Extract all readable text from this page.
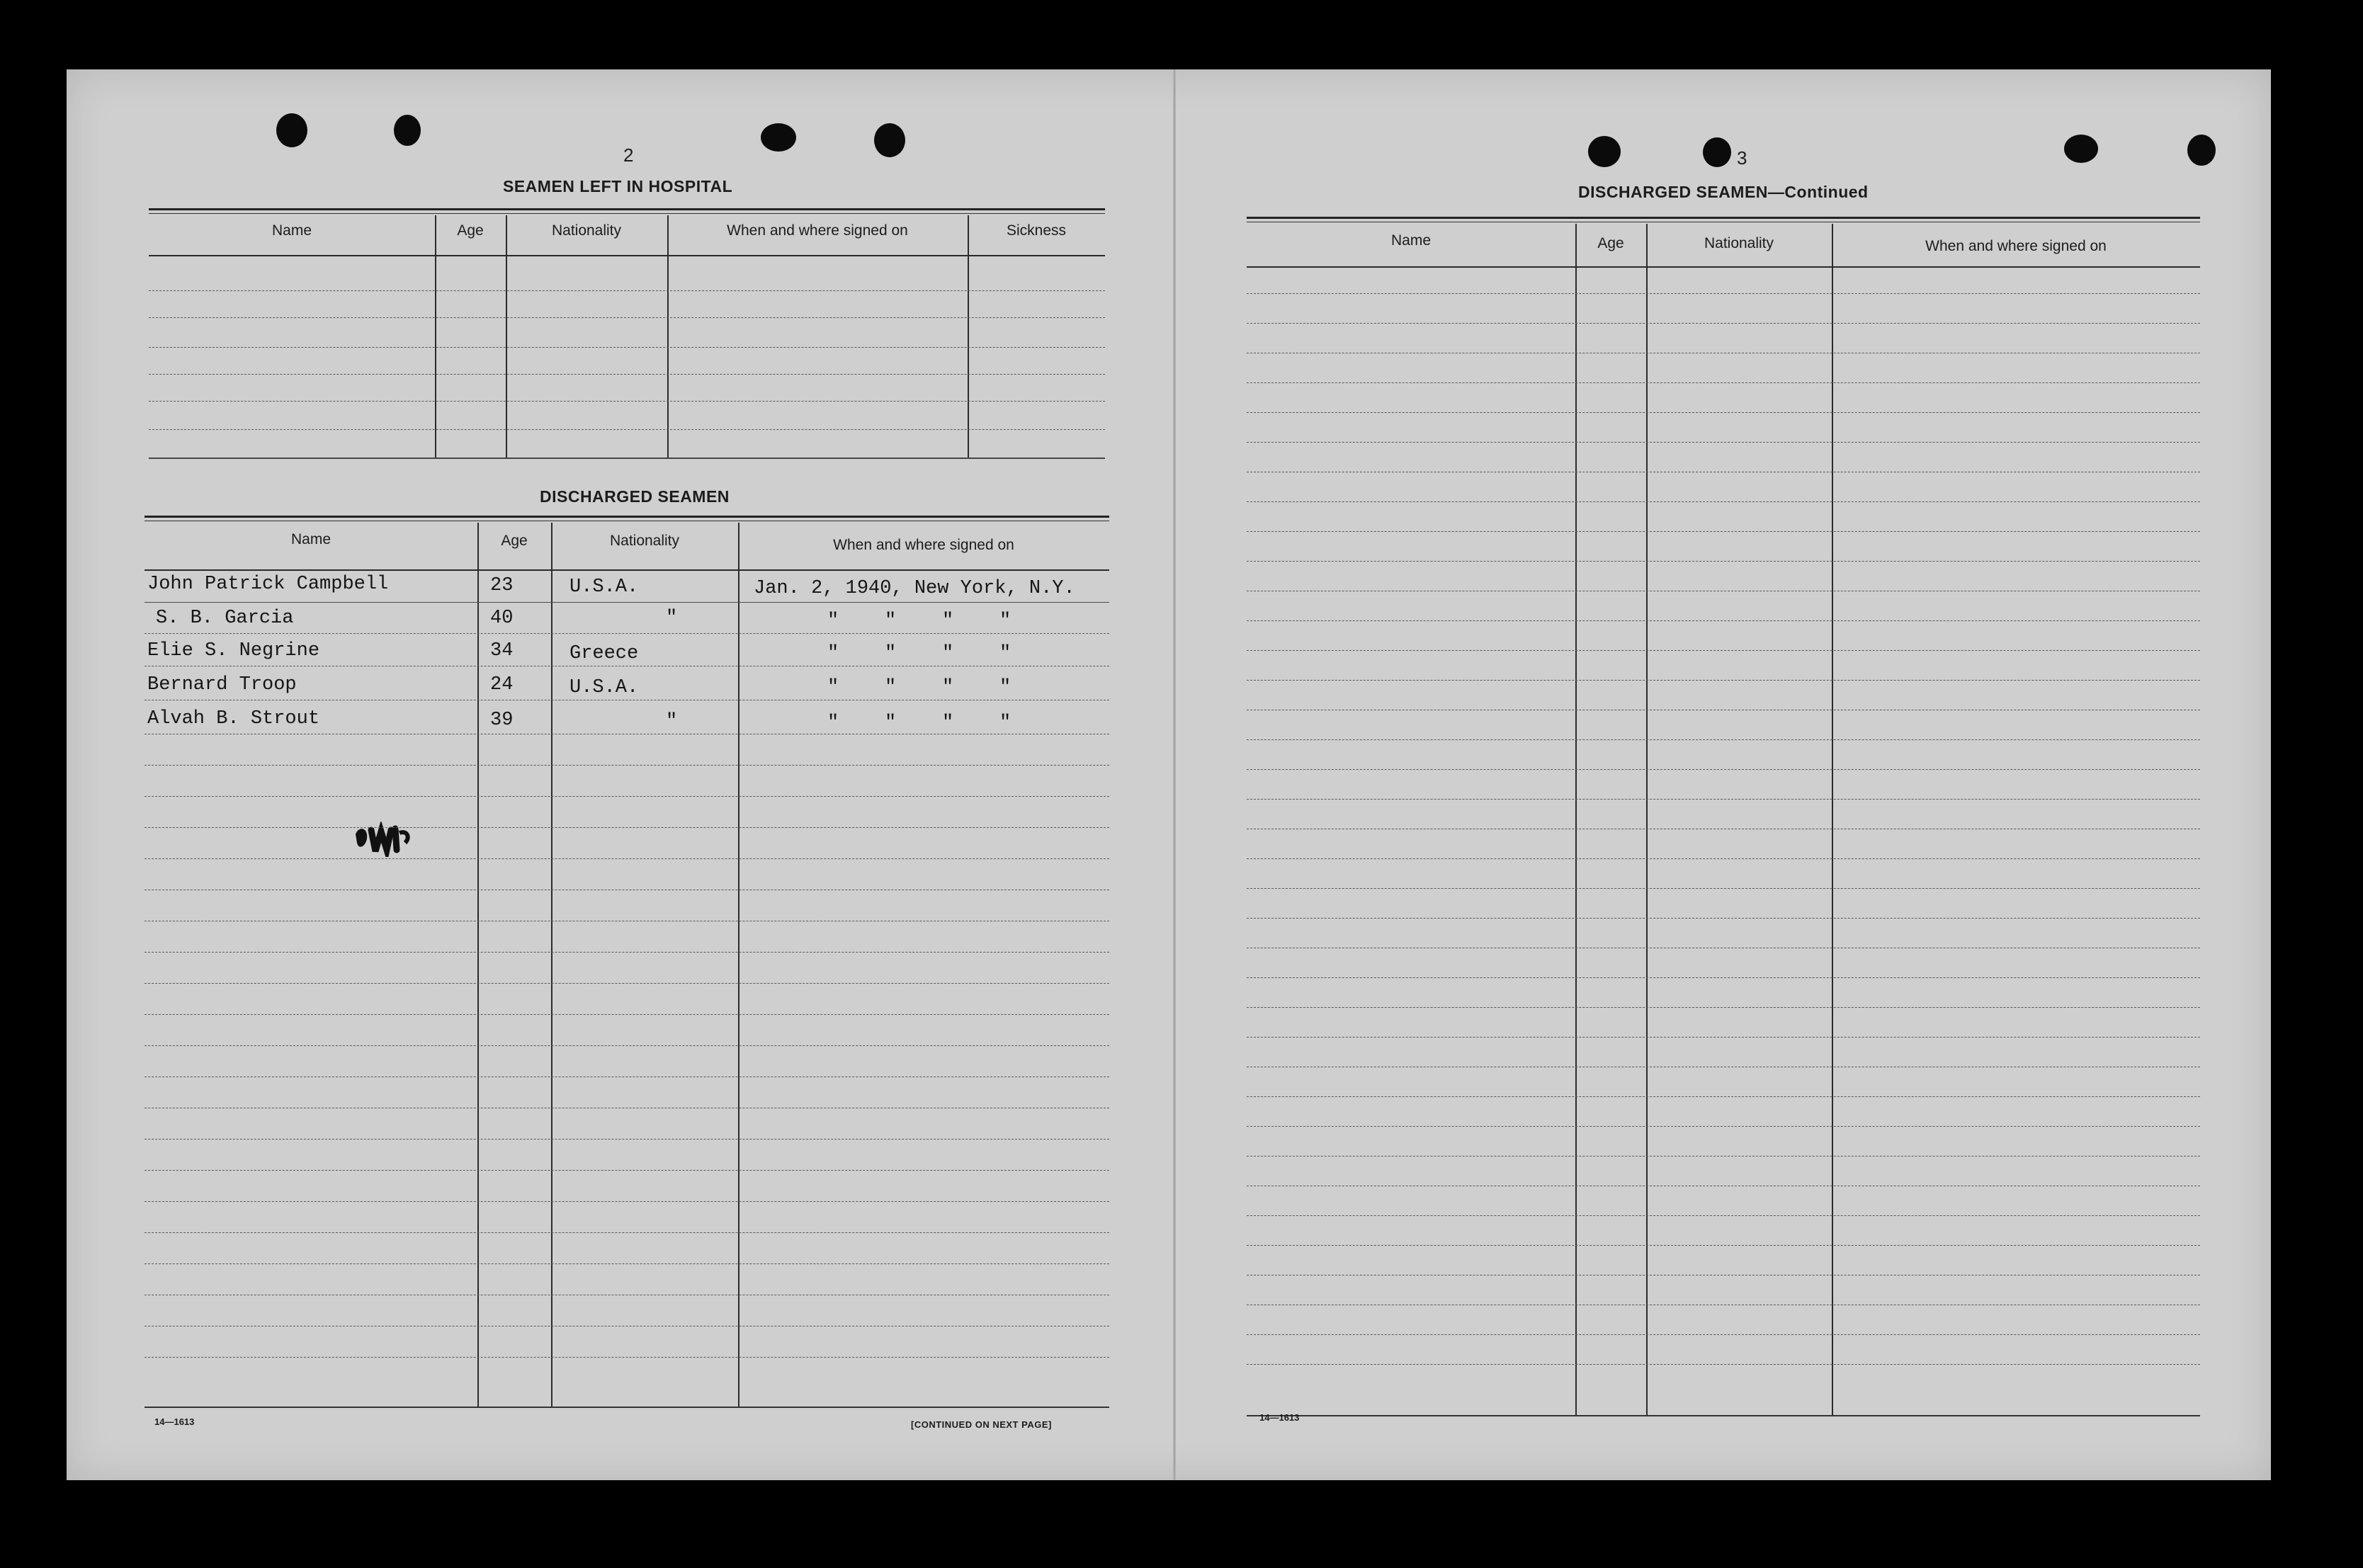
2
SEAMEN LEFT IN HOSPITAL
Name	Age	Nationality	When and where signed on	Sickness
DISCHARGED SEAMEN
Name	Age	Nationality	When and where signed on
John Patrick Campbell	23	U.S.A.	Jan. 2, 1940, New York, N.Y.
S. B. Garcia	40	"	"    "    "    "
Elie S. Negrine	34	Greece	"    "    "    "
Bernard Troop	24	U.S.A.	"    "    "    "
Alvah B. Strout	39	"	"    "    "    "
14—1613	[CONTINUED ON NEXT PAGE]
3
DISCHARGED SEAMEN—Continued
Name	Age	Nationality	When and where signed on
14—1613
